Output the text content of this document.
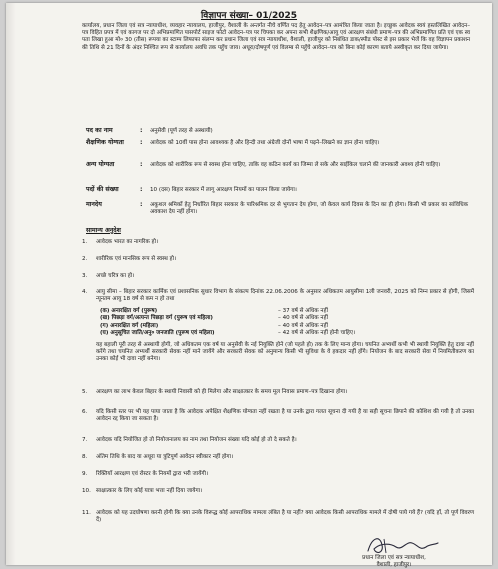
विज्ञापन संख्या– 01/2025
कार्यालय, प्रधान जिला एवं सत्र न्यायाधीश, व्यवहार न्यायालय, हाजीपुर, वैशाली के अन्तर्गत नीचे वर्णित पद हेतु आवेदन–पत्र आमंत्रित किया जाता है। इच्छुक आवेदक स्वयं हस्तलिखित आवेदन–पत्र विहित प्रपत्र में एवं कागज पर दो अभिप्रमाणित पासपोर्ट साइज फोटो आवेदन–पत्र पर चिपका कर अपना सभी शैक्षणिक/आयु एवं आरक्षण संबंधी प्रमाण–पत्र की अभिप्रमाणित प्रति एवं एक स्व पता लिखा हुआ मो० 30 (तीस) रूपया का स्टाम्प लिफाफा संलग्न कर प्रधान जिला एवं सत्र न्यायाधीश, वैशाली, हाजीपुर को निबंधित डाक/स्पीड पोस्ट से इस प्रकार भेजें कि वह विज्ञापन प्रकाशन की तिथि से 21 दिनों के अंदर निश्चित रूप से कार्यालय अवधि तक पहुँच जाय। अधूरा/दोषपूर्ण एवं विलम्ब से पहुँचे आवेदन–पत्र को बिना कोई कारण बताये अस्वीकृत कर दिया जायेगा।
पद का नाम	: अनुसेवी (पूर्ण तरह से अस्थायी)
शैक्षणिक योग्यता	: आवेदक को 10वीं पास होना आवश्यक है और हिन्दी तथा अंग्रेजी दोनों भाषा में पढ़ने–लिखने का ज्ञान होना चाहिए।
अन्य योग्यता	: आवेदक को शारीरिक रूप से स्वस्थ होना चाहिए, ताकि वह कठिन कार्य का जिम्मा ले सके और साईकिल चलाने की जानकारी अवश्य होनी चाहिए।
पदों की संख्या	: 10 (दस) बिहार सरकार में लागू आरक्षण नियमों का पालन किया जायेगा।
मानदेय	: अकुशल श्रमिकों हेतु निर्धारित बिहार सरकार के पारिश्रमिक दर से भुगतान देय होगा, जो केवल कार्य दिवस के दिन का ही होगा। किसी भी प्रकार का सांविधिक अवकाश देय नहीं होगा।
सामान्य अनुदेश
1.	आवेदक भारत का नागरिक हो।
2.	शारीरिक एवं मानसिक रूप से स्वस्थ हो।
3.	अच्छे चरित्र का हो।
4.	आयु सीमा – बिहार सरकार कार्मिक एवं प्रशासनिक सुधार विभाग के संकल्प दिनांक 22.06.2006 के अनुसार अधिकतम आयुसीमा 1ली जनवरी, 2025 को निम्न प्रकार से होगी, जिसमें न्यूनतम आयु 18 वर्ष से कम न हो तथा
(क) अनारक्षित वर्ग (पुरूष)	– 37 वर्ष से अधिक नहीं
(ख) पिछड़ा वर्ग/अत्यन्त पिछड़ा वर्ग (पुरूष एवं महिला)	– 40 वर्ष से अधिक नहीं
(ग) अनारक्षित वर्ग (महिला)	– 40 वर्ष से अधिक नहीं
(घ) अनुसूचित जाति/अनु० जनजाति (पुरूष एवं महिला)	– 42 वर्ष से अधिक नहीं होनी चाहिए।
यह बहाली पूरी तरह से अस्थायी होगी, जो अधिकतम एक वर्ष या अनुसेवी के नई नियुक्ति होने (जो पहले हो) तक के लिए मान्य होगा। चयनित अभ्यर्थी कभी भी स्थायी नियुक्ति हेतु दावा नहीं करेंगे तथा चयनित अभ्यर्थी सरकारी सेवक नहीं माने जायेंगे और सरकारी सेवक को अनुमान्य किसी भी सुविधा के वे हकदार नहीं होंगे। नियोजन के बाद सरकारी सेवा में नियमितीकरण का उनका कोई भी दावा नहीं बनेगा।
5.	आरक्षण का लाभ केवल बिहार के स्थायी निवासी को ही मिलेगा और साक्षात्कार के समय मूल निवास प्रमाण–पत्र दिखाना होगा।
6.	यदि किसी स्तर पर भी यह पाया जाता है कि आवेदक अपेक्षित शैक्षणिक योग्यता नहीं रखता है या उनके द्वारा गलत सूचना दी गयी है या सही सूचना छिपाने की कोशिश की गयी है तो उनका आवेदन रद्द किया जा सकता है।
7.	आवेदक यदि नियोजित हो तो नियोजनालय का नाम तथा नियोजन संख्या यदि कोई हो तो दे सकते है।
8.	अंतिम तिथि के बाद या अधूरा या त्रुटिपूर्ण आवेदन स्वीकार नहीं होगा।
9.	रिक्तियाँ आरक्षण एवं रोस्टर के नियमों द्वारा भरी जायेंगी।
10. साक्षात्कार के लिए कोई यात्रा भत्ता नहीं दिया जायेगा।
11. आवेदक को यह उदघोषणा करनी होगी कि क्या उनके विरूद्ध कोई आपराधिक मामला लंबित है या नहीं? क्या आवेदक किसी आपराधिक मामले में दोषी पाये गये हैं? (यदि हाँ, तो पूर्ण विवरण दें)
प्रधान जिला एवं सत्र न्यायाधीश,
वैशाली, हाजीपुर।
